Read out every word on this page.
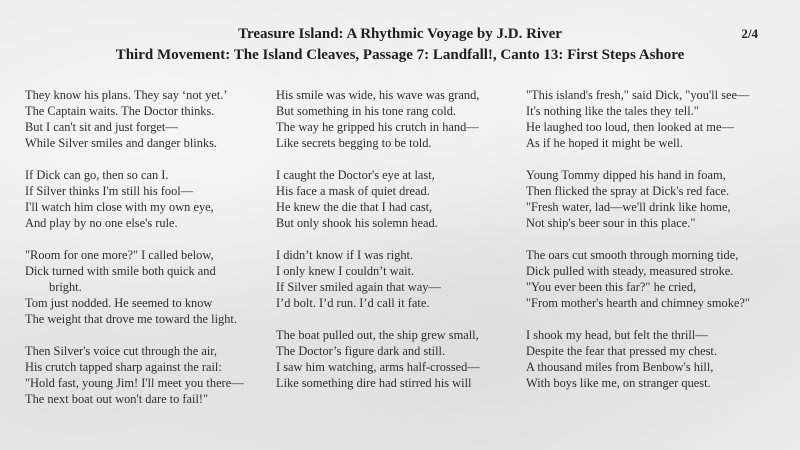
Treasure Island: A Rhythmic Voyage by J.D. River
Third Movement: The Island Cleaves, Passage 7: Landfall!, Canto 13: First Steps Ashore
2/4
They know his plans. They say ‘not yet.’
The Captain waits. The Doctor thinks.
But I can't sit and just forget—
While Silver smiles and danger blinks.
If Dick can go, then so can I.
If Silver thinks I'm still his fool—
I'll watch him close with my own eye,
And play by no one else's rule.
"Room for one more?" I called below,
Dick turned with smile both quick and
bright.
Tom just nodded. He seemed to know
The weight that drove me toward the light.
Then Silver's voice cut through the air,
His crutch tapped sharp against the rail:
"Hold fast, young Jim! I'll meet you there—
The next boat out won't dare to fail!"
His smile was wide, his wave was grand,
But something in his tone rang cold.
The way he gripped his crutch in hand—
Like secrets begging to be told.
I caught the Doctor's eye at last,
His face a mask of quiet dread.
He knew the die that I had cast,
But only shook his solemn head.
I didn’t know if I was right.
I only knew I couldn’t wait.
If Silver smiled again that way—
I’d bolt. I’d run. I’d call it fate.
The boat pulled out, the ship grew small,
The Doctor’s figure dark and still.
I saw him watching, arms half-crossed—
Like something dire had stirred his will
"This island's fresh," said Dick, "you'll see—
It's nothing like the tales they tell."
He laughed too loud, then looked at me—
As if he hoped it might be well.
Young Tommy dipped his hand in foam,
Then flicked the spray at Dick's red face.
"Fresh water, lad—we'll drink like home,
Not ship's beer sour in this place."
The oars cut smooth through morning tide,
Dick pulled with steady, measured stroke.
"You ever been this far?" he cried,
"From mother's hearth and chimney smoke?"
I shook my head, but felt the thrill—
Despite the fear that pressed my chest.
A thousand miles from Benbow's hill,
With boys like me, on stranger quest.
